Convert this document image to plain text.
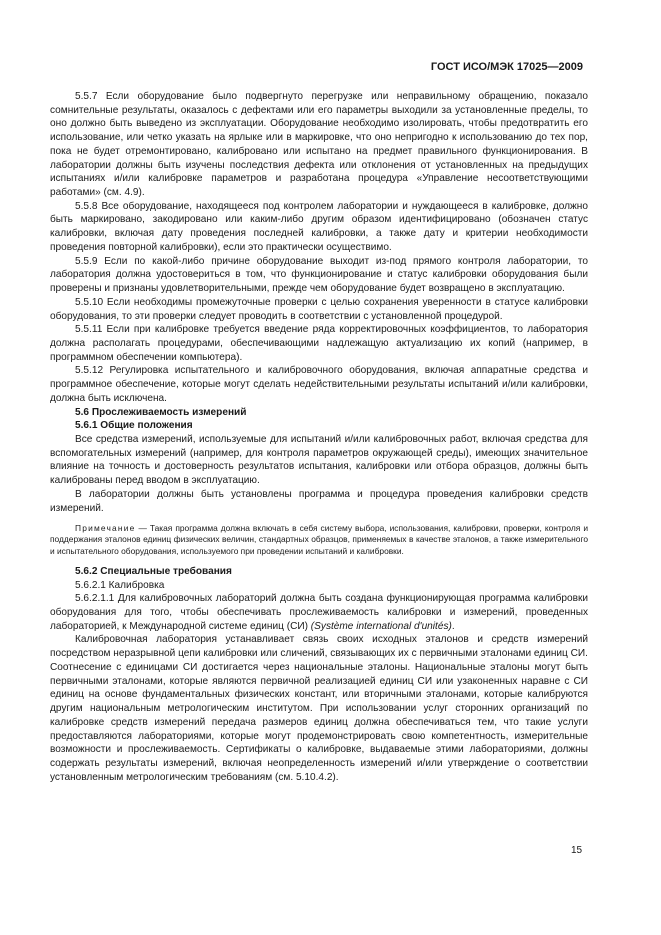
ГОСТ ИСО/МЭК 17025—2009

5.5.7 Если оборудование было подвергнуто перегрузке или неправильному обращению, показало сомнительные результаты, оказалось с дефектами или его параметры выходили за установленные пределы, то оно должно быть выведено из эксплуатации. Оборудование необходимо изолировать, чтобы предотвратить его использование, или четко указать на ярлыке или в маркировке, что оно непригодно к использованию до тех пор, пока не будет отремонтировано, калибровано или испытано на предмет правильного функционирования. В лаборатории должны быть изучены последствия дефекта или отклонения от установленных на предыдущих испытаниях и/или калибровке параметров и разработана процедура «Управление несоответствующими работами» (см. 4.9).

5.5.8 Все оборудование, находящееся под контролем лаборатории и нуждающееся в калибровке, должно быть маркировано, закодировано или каким-либо другим образом идентифицировано (обозначен статус калибровки, включая дату проведения последней калибровки, а также дату и критерии необходимости проведения повторной калибровки), если это практически осуществимо.

5.5.9 Если по какой-либо причине оборудование выходит из-под прямого контроля лаборатории, то лаборатория должна удостовериться в том, что функционирование и статус калибровки оборудования были проверены и признаны удовлетворительными, прежде чем оборудование будет возвращено в эксплуатацию.

5.5.10 Если необходимы промежуточные проверки с целью сохранения уверенности в статусе калибровки оборудования, то эти проверки следует проводить в соответствии с установленной процедурой.

5.5.11 Если при калибровке требуется введение ряда корректировочных коэффициентов, то лаборатория должна располагать процедурами, обеспечивающими надлежащую актуализацию их копий (например, в программном обеспечении компьютера).

5.5.12 Регулировка испытательного и калибровочного оборудования, включая аппаратные средства и программное обеспечение, которые могут сделать недействительными результаты испытаний и/или калибровки, должна быть исключена.

5.6 Прослеживаемость измерений

5.6.1 Общие положения

Все средства измерений, используемые для испытаний и/или калибровочных работ, включая средства для вспомогательных измерений (например, для контроля параметров окружающей среды), имеющих значительное влияние на точность и достоверность результатов испытания, калибровки или отбора образцов, должны быть калиброваны перед вводом в эксплуатацию.

В лаборатории должны быть установлены программа и процедура проведения калибровки средств измерений.

Примечание — Такая программа должна включать в себя систему выбора, использования, калибровки, проверки, контроля и поддержания эталонов единиц физических величин, стандартных образцов, применяемых в качестве эталонов, а также измерительного и испытательного оборудования, используемого при проведении испытаний и калибровки.

5.6.2 Специальные требования

5.6.2.1 Калибровка

5.6.2.1.1 Для калибровочных лабораторий должна быть создана функционирующая программа калибровки оборудования для того, чтобы обеспечивать прослеживаемость калибровки и измерений, проведенных лабораторией, к Международной системе единиц (СИ) (Système international d'unités).

Калибровочная лаборатория устанавливает связь своих исходных эталонов и средств измерений посредством неразрывной цепи калибровки или сличений, связывающих их с первичными эталонами единиц СИ. Соотнесение с единицами СИ достигается через национальные эталоны. Национальные эталоны могут быть первичными эталонами, которые являются первичной реализацией единиц СИ или узаконенных наравне с СИ единиц на основе фундаментальных физических констант, или вторичными эталонами, которые калибруются другим национальным метрологическим институтом. При использовании услуг сторонних организаций по калибровке средств измерений передача размеров единиц должна обеспечиваться тем, что такие услуги предоставляются лабораториями, которые могут продемонстрировать свою компетентность, измерительные возможности и прослеживаемость. Сертификаты о калибровке, выдаваемые этими лабораториями, должны содержать результаты измерений, включая неопределенность измерений и/или утверждение о соответствии установленным метрологическим требованиям (см. 5.10.4.2).

15
